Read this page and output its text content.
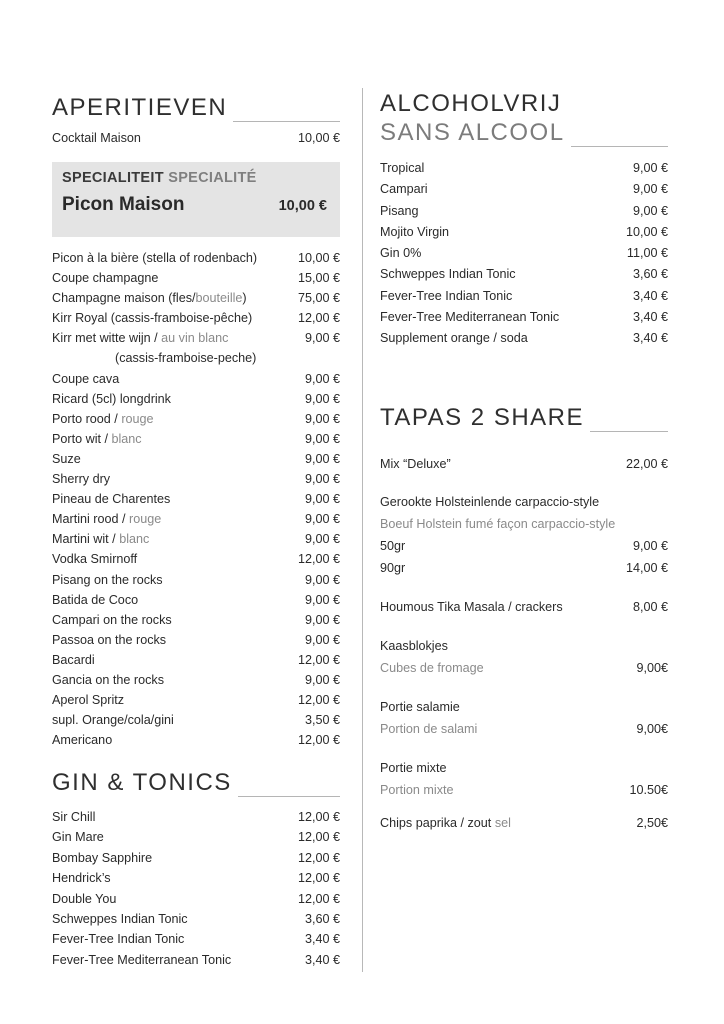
APERITIEVEN
Cocktail Maison	10,00 €
SPECIALITEIT SPECIALITÉ
Picon Maison	10,00 €
Picon à la bière (stella of rodenbach)	10,00 €
Coupe champagne	15,00 €
Champagne maison (fles/bouteille)	75,00 €
Kirr Royal (cassis-framboise-pêche)	12,00 €
Kirr met witte wijn / au vin blanc	9,00 €
(cassis-framboise-peche)
Coupe cava	9,00 €
Ricard (5cl) longdrink	9,00 €
Porto rood / rouge	9,00 €
Porto wit / blanc	9,00 €
Suze	9,00 €
Sherry dry	9,00 €
Pineau de Charentes	9,00 €
Martini rood / rouge	9,00 €
Martini wit / blanc	9,00 €
Vodka Smirnoff	12,00 €
Pisang on the rocks	9,00 €
Batida de Coco	9,00 €
Campari on the rocks	9,00 €
Passoa on the rocks	9,00 €
Bacardi	12,00 €
Gancia on the rocks	9,00 €
Aperol Spritz	12,00 €
supl. Orange/cola/gini	3,50 €
Americano	12,00 €
GIN & TONICS
Sir Chill	12,00 €
Gin Mare	12,00 €
Bombay Sapphire	12,00 €
Hendrick’s	12,00 €
Double You	12,00 €
Schweppes Indian Tonic	3,60 €
Fever-Tree Indian Tonic	3,40 €
Fever-Tree Mediterranean Tonic	3,40 €
ALCOHOLVRIJ
SANS ALCOOL
Tropical	9,00 €
Campari	9,00 €
Pisang	9,00 €
Mojito Virgin	10,00 €
Gin 0%	11,00 €
Schweppes Indian Tonic	3,60 €
Fever-Tree Indian Tonic	3,40 €
Fever-Tree Mediterranean Tonic	3,40 €
Supplement orange / soda	3,40 €
TAPAS 2 SHARE
Mix “Deluxe”	22,00 €
Gerookte Holsteinlende carpaccio-style
Boeuf Holstein fumé façon carpaccio-style
50gr	9,00 €
90gr	14,00 €
Houmous Tika Masala / crackers	8,00 €
Kaasblokjes
Cubes de fromage	9,00€
Portie salamie
Portion de salami	9,00€
Portie mixte
Portion mixte	10.50€
Chips paprika / zout sel	2,50€
